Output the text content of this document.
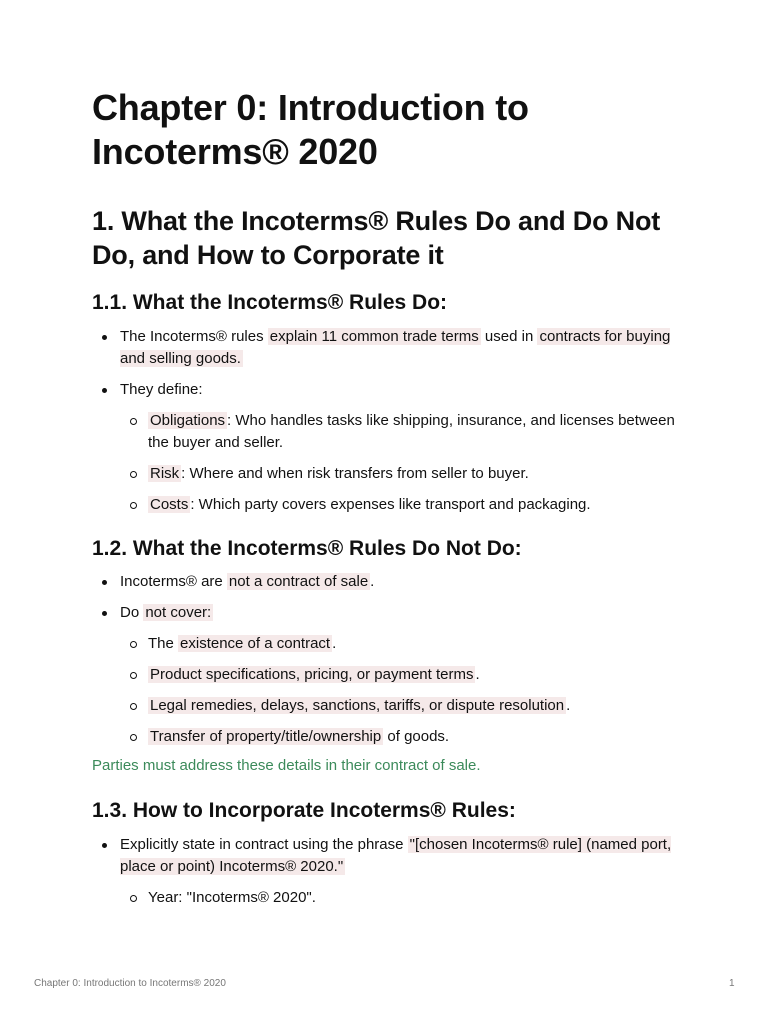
Chapter 0: Introduction to Incoterms® 2020
1. What the Incoterms® Rules Do and Do Not Do, and How to Corporate it
1.1. What the Incoterms® Rules Do:
The Incoterms® rules explain 11 common trade terms used in contracts for buying and selling goods.
They define:
Obligations : Who handles tasks like shipping, insurance, and licenses between the buyer and seller.
Risk : Where and when risk transfers from seller to buyer.
Costs : Which party covers expenses like transport and packaging.
1.2. What the Incoterms® Rules Do Not Do:
Incoterms® are not a contract of sale .
Do not cover:
The existence of a contract .
Product specifications, pricing, or payment terms .
Legal remedies, delays, sanctions, tariffs, or dispute resolution .
Transfer of property/title/ownership of goods.
Parties must address these details in their contract of sale.
1.3. How to Incorporate Incoterms® Rules:
Explicitly state in contract using the phrase "[chosen Incoterms® rule] (named port, place or point) Incoterms® 2020."
Year: "Incoterms® 2020".
Chapter 0: Introduction to Incoterms® 2020	1
